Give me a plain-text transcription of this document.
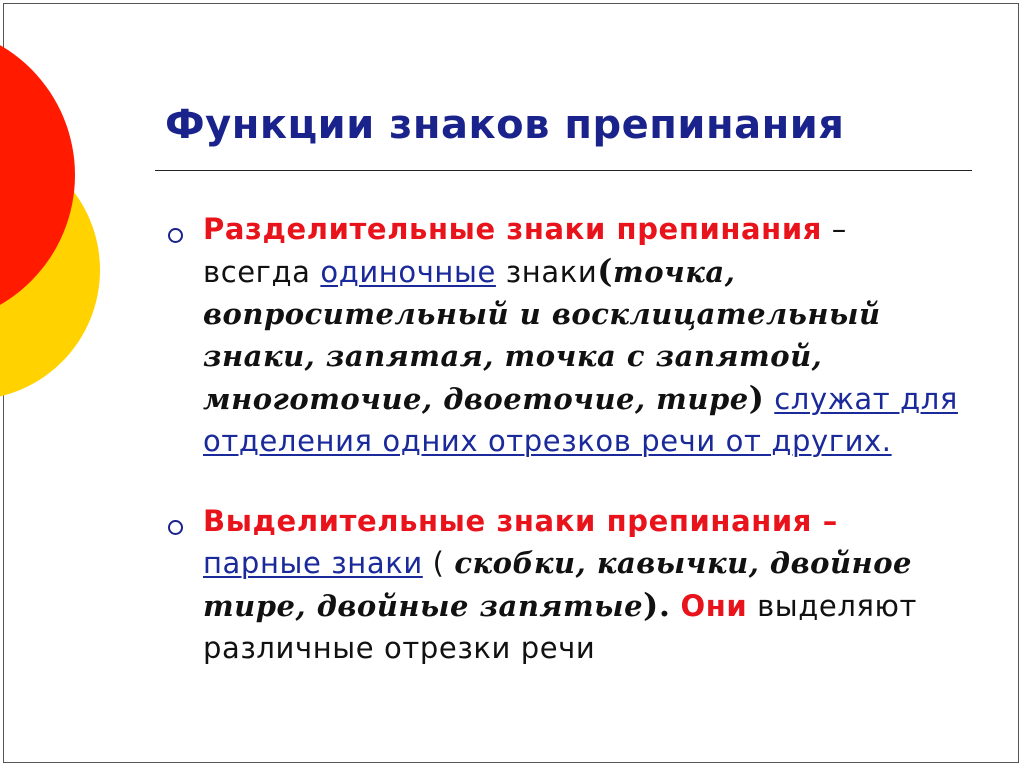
Функции знаков препинания
Разделительные знаки препинания – всегда одиночные знаки(точка, вопросительный и восклицательный знаки, запятая, точка с запятой, многоточие, двоеточие, тире) служат для отделения одних отрезков речи от других.
Выделительные знаки препинания – парные знаки ( скобки, кавычки, двойное тире, двойные запятые). Они выделяют различные отрезки речи
